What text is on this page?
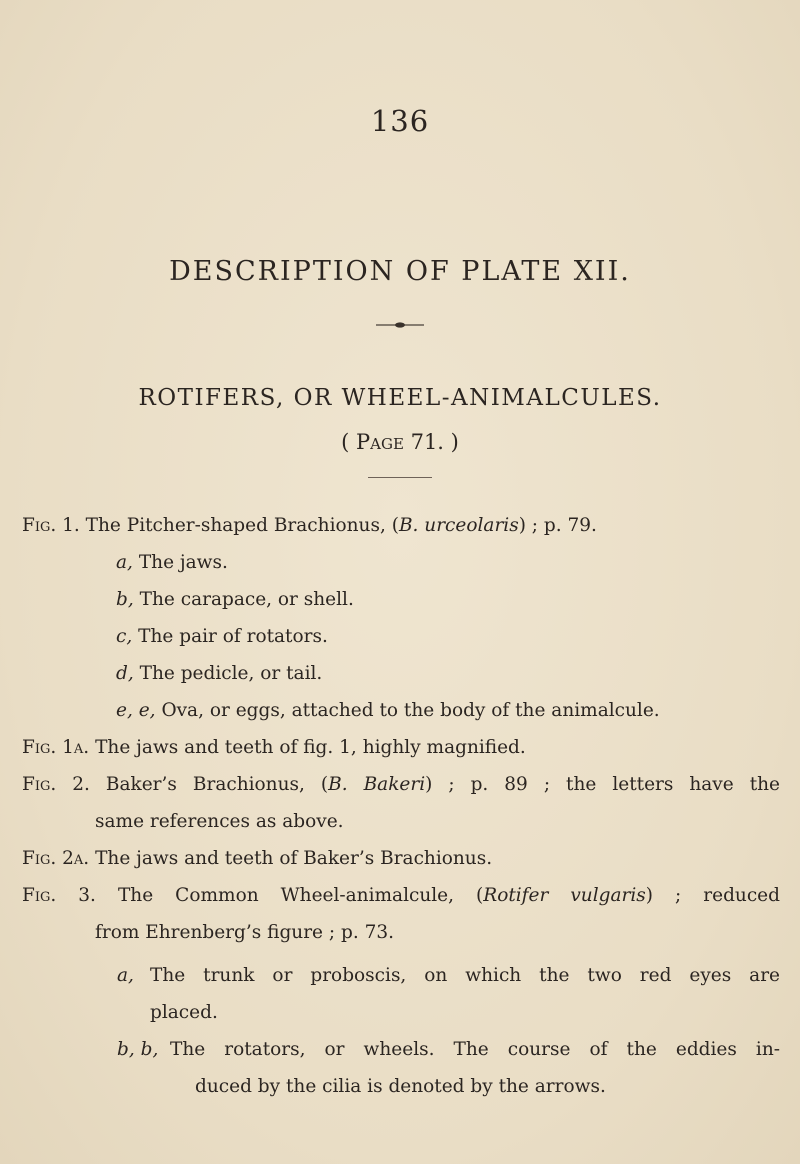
136
DESCRIPTION OF PLATE XII.
ROTIFERS, OR WHEEL-ANIMALCULES.
( Page 71. )
Fig. 1. The Pitcher-shaped Brachionus, (B. urceolaris) ; p. 79.
a, The jaws.
b, The carapace, or shell.
c, The pair of rotators.
d, The pedicle, or tail.
e, e, Ova, or eggs, attached to the body of the animalcule.
Fig. 1a. The jaws and teeth of fig. 1, highly magnified.
Fig. 2. Baker’s Brachionus, (B. Bakeri) ; p. 89 ; the letters have the
same references as above.
Fig. 2a. The jaws and teeth of Baker’s Brachionus.
Fig. 3. The Common Wheel-animalcule, (Rotifer vulgaris) ; reduced
from Ehrenberg’s figure ; p. 73.
a, The trunk or proboscis, on which the two red eyes are
placed.
b, b, The rotators, or wheels. The course of the eddies in-
duced by the cilia is denoted by the arrows.
